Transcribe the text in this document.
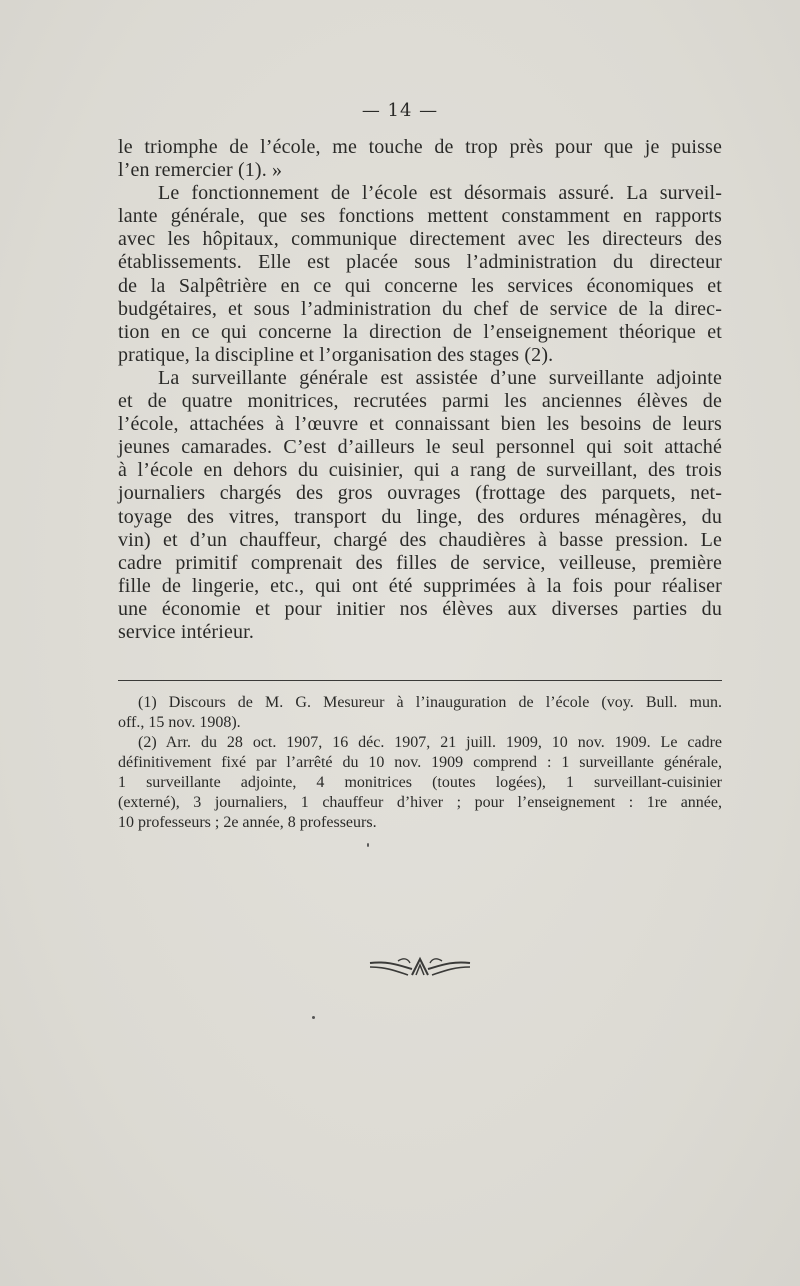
— 14 —
le triomphe de l’école, me touche de trop près pour que je puisse
l’en remercier (1). »
Le fonctionnement de l’école est désormais assuré. La surveil-
lante générale, que ses fonctions mettent constamment en rapports
avec les hôpitaux, communique directement avec les directeurs des
établissements. Elle est placée sous l’administration du directeur
de la Salpêtrière en ce qui concerne les services économiques et
budgétaires, et sous l’administration du chef de service de la direc-
tion en ce qui concerne la direction de l’enseignement théorique et
pratique, la discipline et l’organisation des stages (2).
La surveillante générale est assistée d’une surveillante adjointe
et de quatre monitrices, recrutées parmi les anciennes élèves de
l’école, attachées à l’œuvre et connaissant bien les besoins de leurs
jeunes camarades. C’est d’ailleurs le seul personnel qui soit attaché
à l’école en dehors du cuisinier, qui a rang de surveillant, des trois
journaliers chargés des gros ouvrages (frottage des parquets, net-
toyage des vitres, transport du linge, des ordures ménagères, du
vin) et d’un chauffeur, chargé des chaudières à basse pression. Le
cadre primitif comprenait des filles de service, veilleuse, première
fille de lingerie, etc., qui ont été supprimées à la fois pour réaliser
une économie et pour initier nos élèves aux diverses parties du
service intérieur.
(1) Discours de M. G. Mesureur à l’inauguration de l’école (voy. Bull. mun.
off., 15 nov. 1908).
(2) Arr. du 28 oct. 1907, 16 déc. 1907, 21 juill. 1909, 10 nov. 1909. Le cadre
définitivement fixé par l’arrêté du 10 nov. 1909 comprend : 1 surveillante générale,
1 surveillante adjointe, 4 monitrices (toutes logées), 1 surveillant-cuisinier
(externé), 3 journaliers, 1 chauffeur d’hiver ; pour l’enseignement : 1re année,
10 professeurs ; 2e année, 8 professeurs.
